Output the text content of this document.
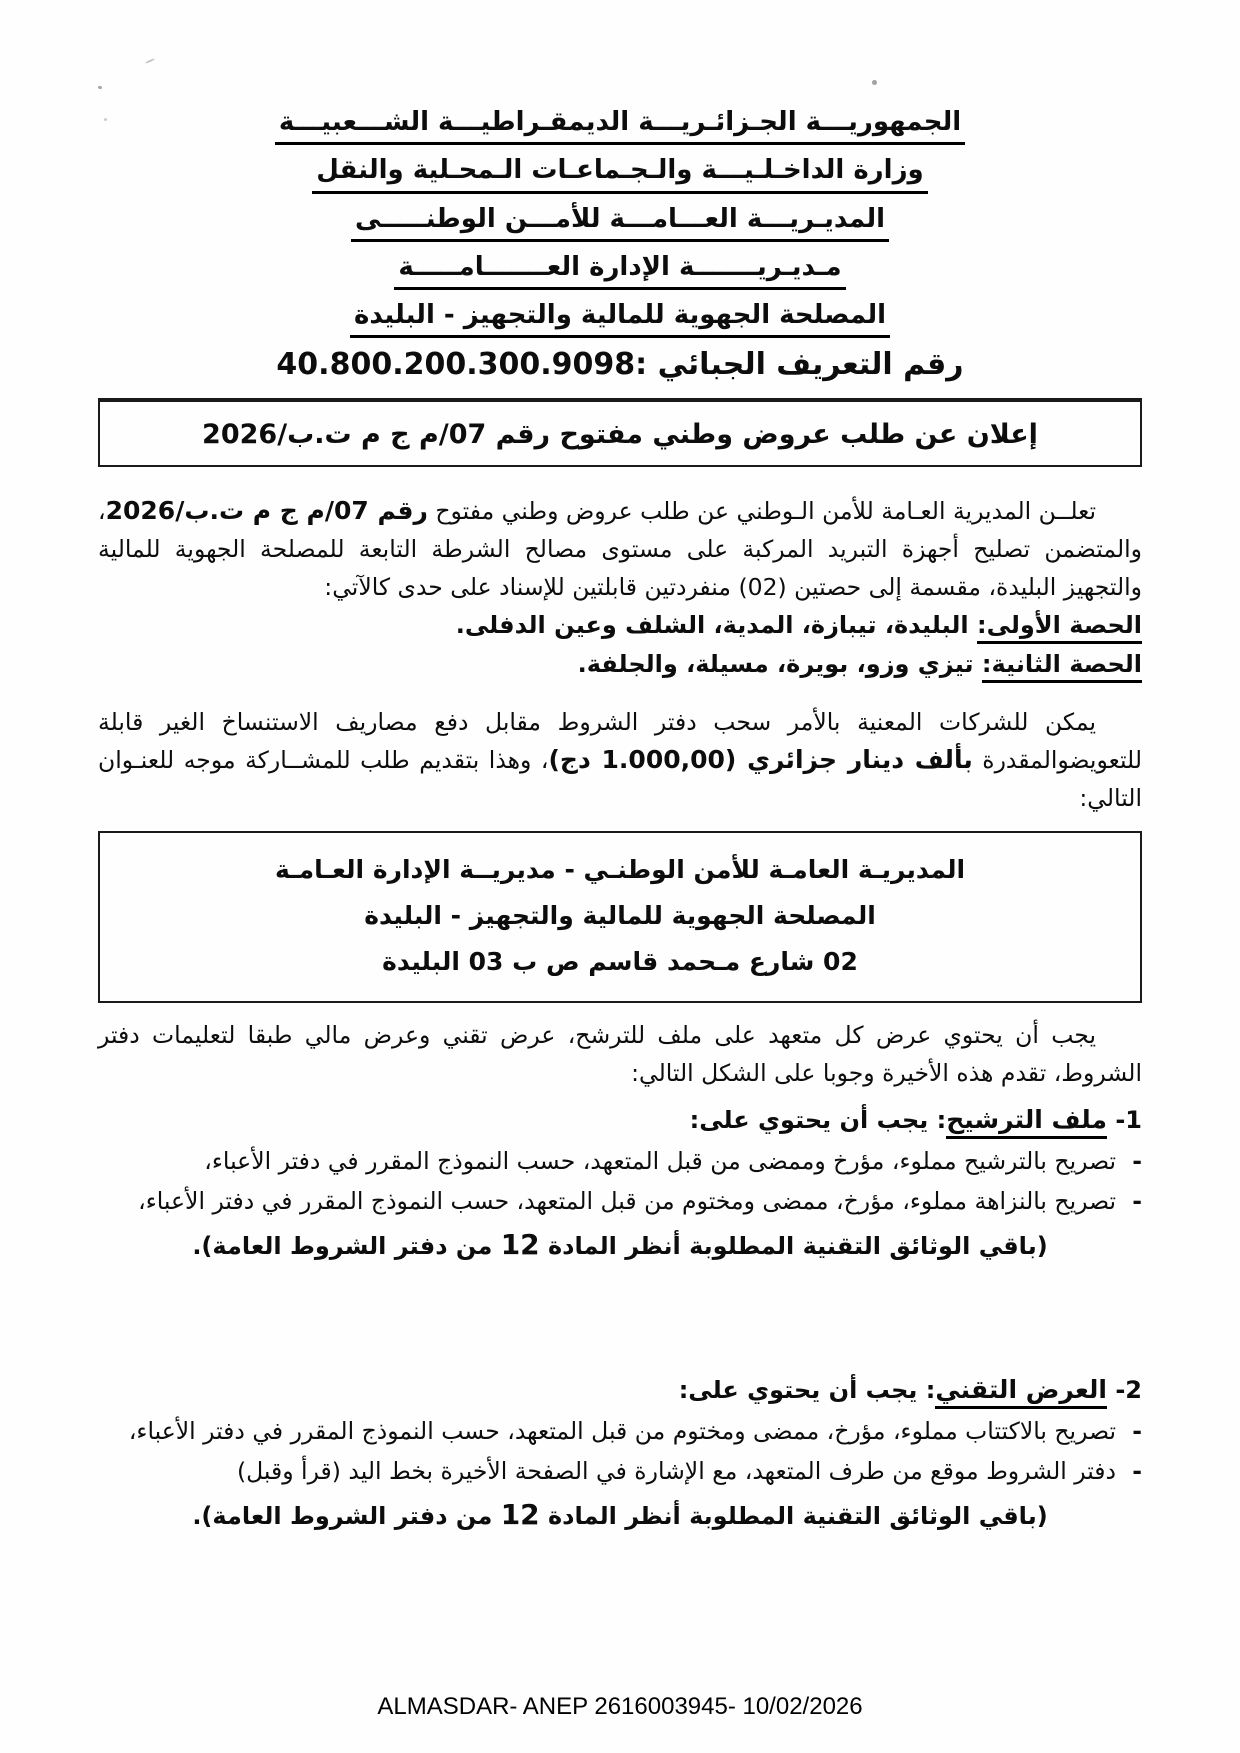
الجمهوريـــة الجـزائـريـــة الديمقـراطيـــة الشـــعبيـــة
وزارة الداخـلـيـــة والـجـماعـات الـمحـلية والنقل
المديـريـــة العـــامـــة للأمـــن الوطنـــــى
مـديـريـــــــة الإدارة العـــــــامـــــة
المصلحة الجهوية للمالية والتجهيز - البليدة
رقم التعريف الجبائي :40.800.200.300.9098
إعلان عن طلب عروض وطني مفتوح رقم 07/م ج م ت.ب/2026

تعلــن المديرية العـامة للأمن الـوطني عن طلب عروض وطني مفتوح رقم 07/م ج م ت.ب/2026، والمتضمن تصليح أجهزة التبريد المركبة على مستوى مصالح الشرطة التابعة للمصلحة الجهوية للمالية والتجهيز البليدة، مقسمة إلى حصتين (02) منفردتين قابلتين للإسناد على حدى كالآتي:

الحصة الأولى: البليدة، تيبازة، المدية، الشلف وعين الدفلى.
الحصة الثانية: تيزي وزو، بويرة، مسيلة، والجلفة.

يمكن للشركات المعنية بالأمر سحب دفتر الشروط مقابل دفع مصاريف الاستنساخ الغير قابلة للتعويضوالمقدرة بألف دينار جزائري (1.000,00 دج)، وهذا بتقديم طلب للمشــاركة موجه للعنـوان التالي:

المديريـة العامـة للأمن الوطنـي - مديريــة الإدارة العـامـة
المصلحة الجهوية للمالية والتجهيز - البليدة
02 شارع مـحمد قاسم ص ب 03 البليدة

يجب أن يحتوي عرض كل متعهد على ملف للترشح، عرض تقني وعرض مالي طبقا لتعليمات دفتر الشروط، تقدم هذه الأخيرة وجوبا على الشكل التالي:

1- ملف الترشيح: يجب أن يحتوي على:
-
تصريح بالترشيح مملوء، مؤرخ وممضى من قبل المتعهد، حسب النموذج المقرر في دفتر الأعباء،
-
تصريح بالنزاهة مملوء، مؤرخ، ممضى ومختوم من قبل المتعهد، حسب النموذج المقرر في دفتر الأعباء،
(باقي الوثائق التقنية المطلوبة أنظر المادة 12 من دفتر الشروط العامة).
2- العرض التقني: يجب أن يحتوي على:
-
تصريح بالاكتتاب مملوء، مؤرخ، ممضى ومختوم من قبل المتعهد، حسب النموذج المقرر في دفتر الأعباء،
-
دفتر الشروط موقع من طرف المتعهد، مع الإشارة في الصفحة الأخيرة بخط اليد (قرأ وقبل)
(باقي الوثائق التقنية المطلوبة أنظر المادة 12 من دفتر الشروط العامة).
ALMASDAR- ANEP 2616003945- 10/02/2026
